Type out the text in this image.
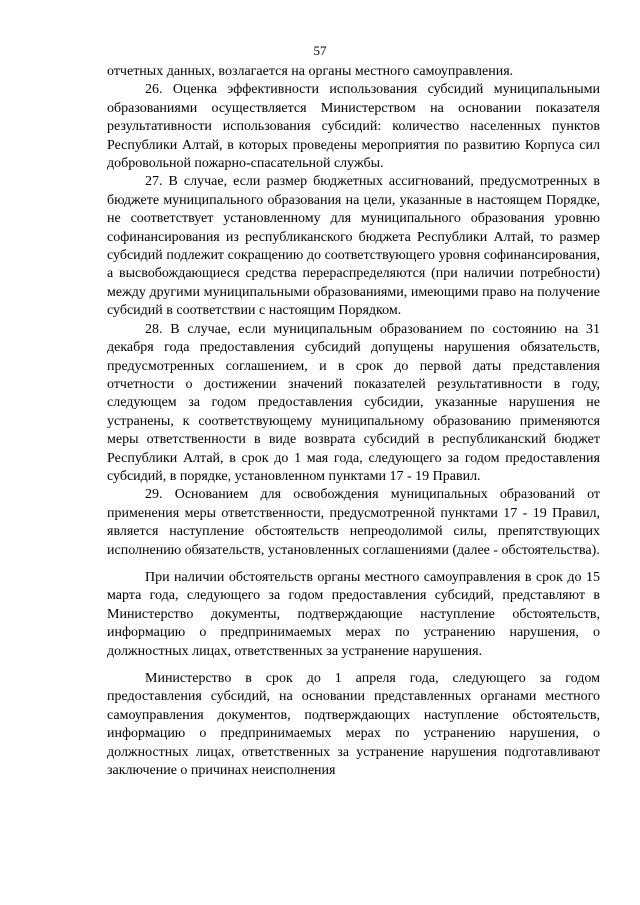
57

отчетных данных, возлагается на органы местного самоуправления.

26. Оценка эффективности использования субсидий муниципальными образованиями осуществляется Министерством на основании показателя результативности использования субсидий: количество населенных пунктов Республики Алтай, в которых проведены мероприятия по развитию Корпуса сил добровольной пожарно-спасательной службы.

27. В случае, если размер бюджетных ассигнований, предусмотренных в бюджете муниципального образования на цели, указанные в настоящем Порядке, не соответствует установленному для муниципального образования уровню софинансирования из республиканского бюджета Республики Алтай, то размер субсидий подлежит сокращению до соответствующего уровня софинансирования, а высвобождающиеся средства перераспределяются (при наличии потребности) между другими муниципальными образованиями, имеющими право на получение субсидий в соответствии с настоящим Порядком.

28. В случае, если муниципальным образованием по состоянию на 31 декабря года предоставления субсидий допущены нарушения обязательств, предусмотренных соглашением, и в срок до первой даты представления отчетности о достижении значений показателей результативности в году, следующем за годом предоставления субсидии, указанные нарушения не устранены, к соответствующему муниципальному образованию применяются меры ответственности в виде возврата субсидий в республиканский бюджет Республики Алтай, в срок до 1 мая года, следующего за годом предоставления субсидий, в порядке, установленном пунктами 17 - 19 Правил.

29. Основанием для освобождения муниципальных образований от применения меры ответственности, предусмотренной пунктами 17 - 19 Правил, является наступление обстоятельств непреодолимой силы, препятствующих исполнению обязательств, установленных соглашениями (далее - обстоятельства).

При наличии обстоятельств органы местного самоуправления в срок до 15 марта года, следующего за годом предоставления субсидий, представляют в Министерство документы, подтверждающие наступление обстоятельств, информацию о предпринимаемых мерах по устранению нарушения, о должностных лицах, ответственных за устранение нарушения.

Министерство в срок до 1 апреля года, следующего за годом предоставления субсидий, на основании представленных органами местного самоуправления документов, подтверждающих наступление обстоятельств, информацию о предпринимаемых мерах по устранению нарушения, о должностных лицах, ответственных за устранение нарушения подготавливают заключение о причинах неисполнения
